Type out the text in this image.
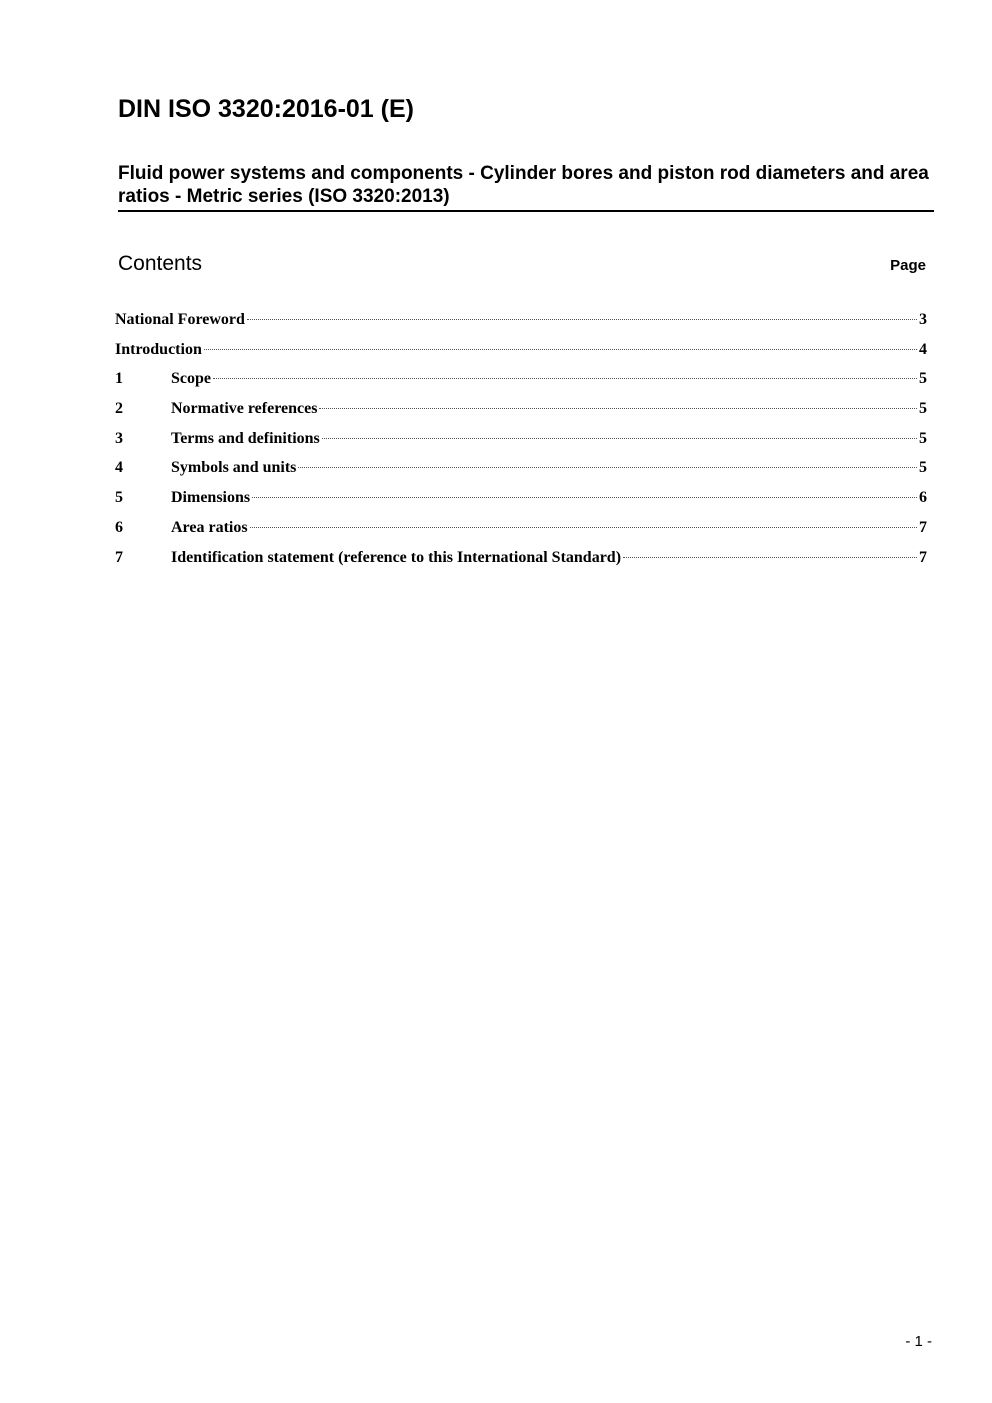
DIN ISO 3320:2016-01 (E)
Fluid power systems and components - Cylinder bores and piston rod diameters and area ratios - Metric series (ISO 3320:2013)
Contents	Page
National Foreword	3
Introduction	4
1	Scope	5
2	Normative references	5
3	Terms and definitions	5
4	Symbols and units	5
5	Dimensions	6
6	Area ratios	7
7	Identification statement (reference to this International Standard)	7
- 1 -
